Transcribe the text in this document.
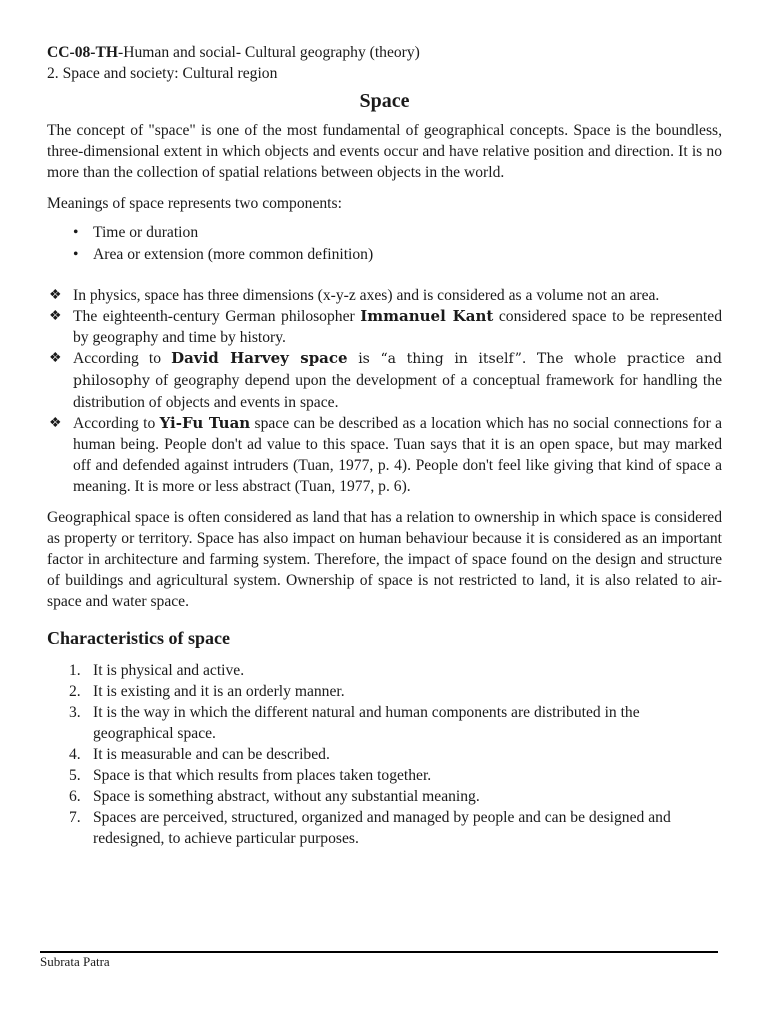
CC-08-TH-Human and social- Cultural geography (theory)

2. Space and society: Cultural region

Space

The concept of "space" is one of the most fundamental of geographical concepts. Space is the boundless, three-dimensional extent in which objects and events occur and have relative position and direction. It is no more than the collection of spatial relations between objects in the world.

Meanings of space represents two components:

• Time or duration
• Area or extension (more common definition)
❖ In physics, space has three dimensions (x-y-z axes) and is considered as a volume not an area.
❖ The eighteenth-century German philosopher Immanuel Kant considered space to be represented by geography and time by history.
❖ According to David Harvey space is “a thing in itself”. The whole practice and philosophy of geography depend upon the development of a conceptual framework for handling the distribution of objects and events in space.
❖ According to Yi-Fu Tuan space can be described as a location which has no social connections for a human being. People don't ad value to this space. Tuan says that it is an open space, but may marked off and defended against intruders (Tuan, 1977, p. 4). People don't feel like giving that kind of space a meaning. It is more or less abstract (Tuan, 1977, p. 6).

Geographical space is often considered as land that has a relation to ownership in which space is considered as property or territory. Space has also impact on human behaviour because it is considered as an important factor in architecture and farming system. Therefore, the impact of space found on the design and structure of buildings and agricultural system. Ownership of space is not restricted to land, it is also related to air-space and water space.

Characteristics of space
1. It is physical and active.
2. It is existing and it is an orderly manner.
3. It is the way in which the different natural and human components are distributed in the geographical space.
4. It is measurable and can be described.
5. Space is that which results from places taken together.
6. Space is something abstract, without any substantial meaning.
7. Spaces are perceived, structured, organized and managed by people and can be designed and redesigned, to achieve particular purposes.
Subrata Patra
